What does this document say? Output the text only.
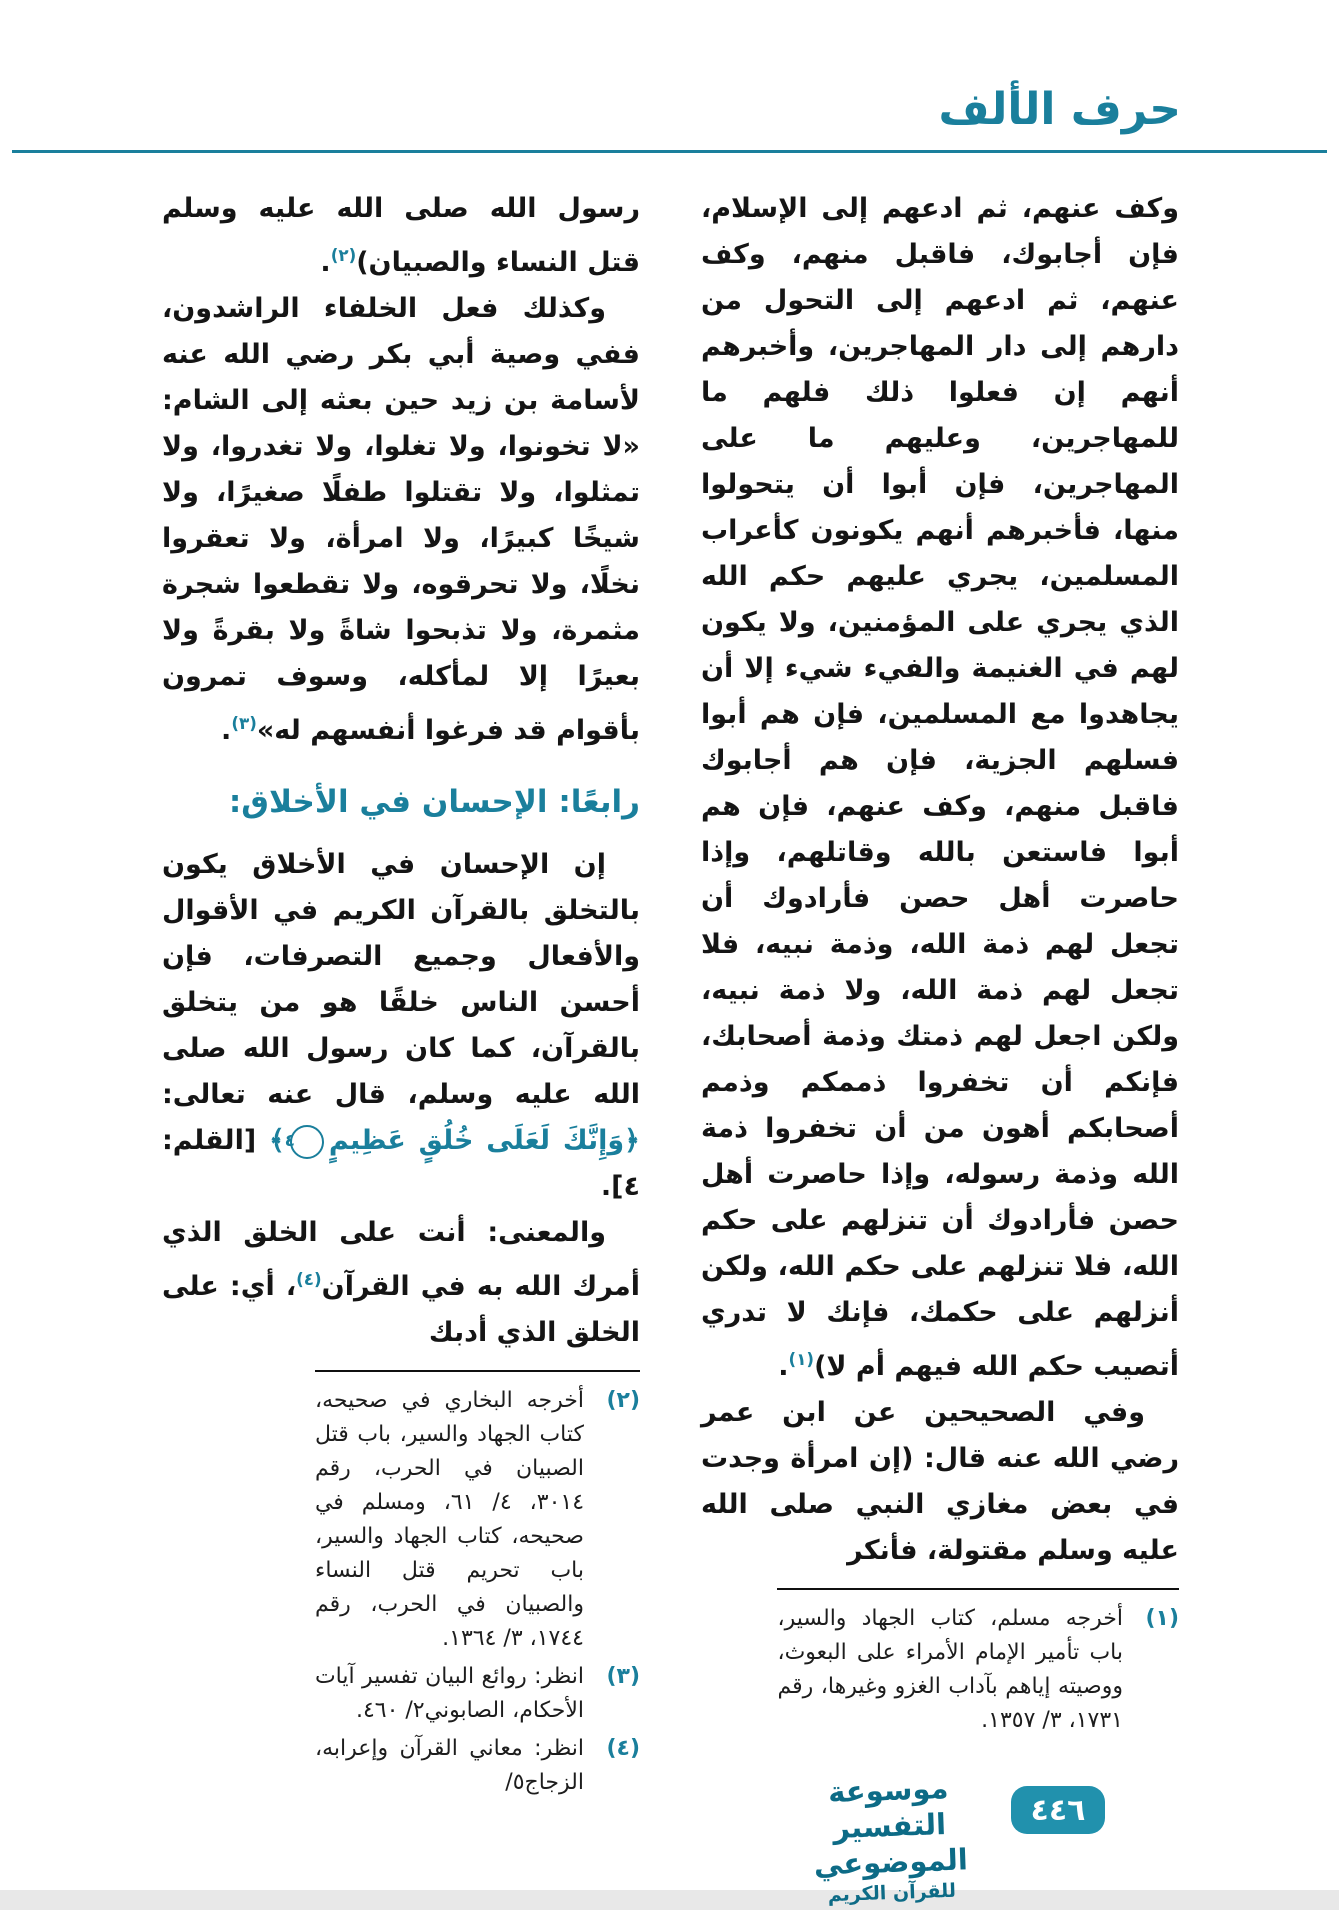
حرف الألف

وكف عنهم، ثم ادعهم إلى الإسلام، فإن أجابوك، فاقبل منهم، وكف عنهم، ثم ادعهم إلى التحول من دارهم إلى دار المهاجرين، وأخبرهم أنهم إن فعلوا ذلك فلهم ما للمهاجرين، وعليهم ما على المهاجرين، فإن أبوا أن يتحولوا منها، فأخبرهم أنهم يكونون كأعراب المسلمين، يجري عليهم حكم الله الذي يجري على المؤمنين، ولا يكون لهم في الغنيمة والفيء شيء إلا أن يجاهدوا مع المسلمين، فإن هم أبوا فسلهم الجزية، فإن هم أجابوك فاقبل منهم، وكف عنهم، فإن هم أبوا فاستعن بالله وقاتلهم، وإذا حاصرت أهل حصن فأرادوك أن تجعل لهم ذمة الله، وذمة نبيه، فلا تجعل لهم ذمة الله، ولا ذمة نبيه، ولكن اجعل لهم ذمتك وذمة أصحابك، فإنكم أن تخفروا ذممكم وذمم أصحابكم أهون من أن تخفروا ذمة الله وذمة رسوله، وإذا حاصرت أهل حصن فأرادوك أن تنزلهم على حكم الله، فلا تنزلهم على حكم الله، ولكن أنزلهم على حكمك، فإنك لا تدري أتصيب حكم الله فيهم أم لا)$^{(١)}$.

وفي الصحيحين عن ابن عمر رضي الله عنه قال: (إن امرأة وجدت في بعض مغازي النبي صلى الله عليه وسلم مقتولة، فأنكر

(١)
أخرجه مسلم، كتاب الجهاد والسير، باب تأمير الإمام الأمراء على البعوث، ووصيته إياهم بآداب الغزو وغيرها، رقم ١٧٣١، ٣/ ١٣٥٧.

رسول الله صلى الله عليه وسلم قتل النساء والصبيان)$^{(٢)}$.

وكذلك فعل الخلفاء الراشدون، ففي وصية أبي بكر رضي الله عنه لأسامة بن زيد حين بعثه إلى الشام: «لا تخونوا، ولا تغلوا، ولا تغدروا، ولا تمثلوا، ولا تقتلوا طفلًا صغيرًا، ولا شيخًا كبيرًا، ولا امرأة، ولا تعقروا نخلًا، ولا تحرقوه، ولا تقطعوا شجرة مثمرة، ولا تذبحوا شاةً ولا بقرةً ولا بعيرًا إلا لمأكله، وسوف تمرون بأقوام قد فرغوا أنفسهم له»$^{(٣)}$.

رابعًا: الإحسان في الأخلاق:

إن الإحسان في الأخلاق يكون بالتخلق بالقرآن الكريم في الأقوال والأفعال وجميع التصرفات، فإن أحسن الناس خلقًا هو من يتخلق بالقرآن، كما كان رسول الله صلى الله عليه وسلم، قال عنه تعالى: ﴿وَإِنَّكَ لَعَلَى خُلُقٍ عَظِيمٍ٤﴾ [القلم: ٤].

والمعنى: أنت على الخلق الذي أمرك الله به في القرآن$^{(٤)}$، أي: على الخلق الذي أدبك

(٢)
أخرجه البخاري في صحيحه، كتاب الجهاد والسير، باب قتل الصبيان في الحرب، رقم ٣٠١٤، ٤/ ٦١، ومسلم في صحيحه، كتاب الجهاد والسير، باب تحريم قتل النساء والصبيان في الحرب، رقم ١٧٤٤، ٣/ ١٣٦٤.
(٣)
انظر: روائع البيان تفسير آيات الأحكام، الصابوني٢/ ٤٦٠.
(٤)
انظر: معاني القرآن وإعرابه، الزجاج٥/	موسوعة التفسير الموضوعي
للقرآن الكريم
٤٤٦
